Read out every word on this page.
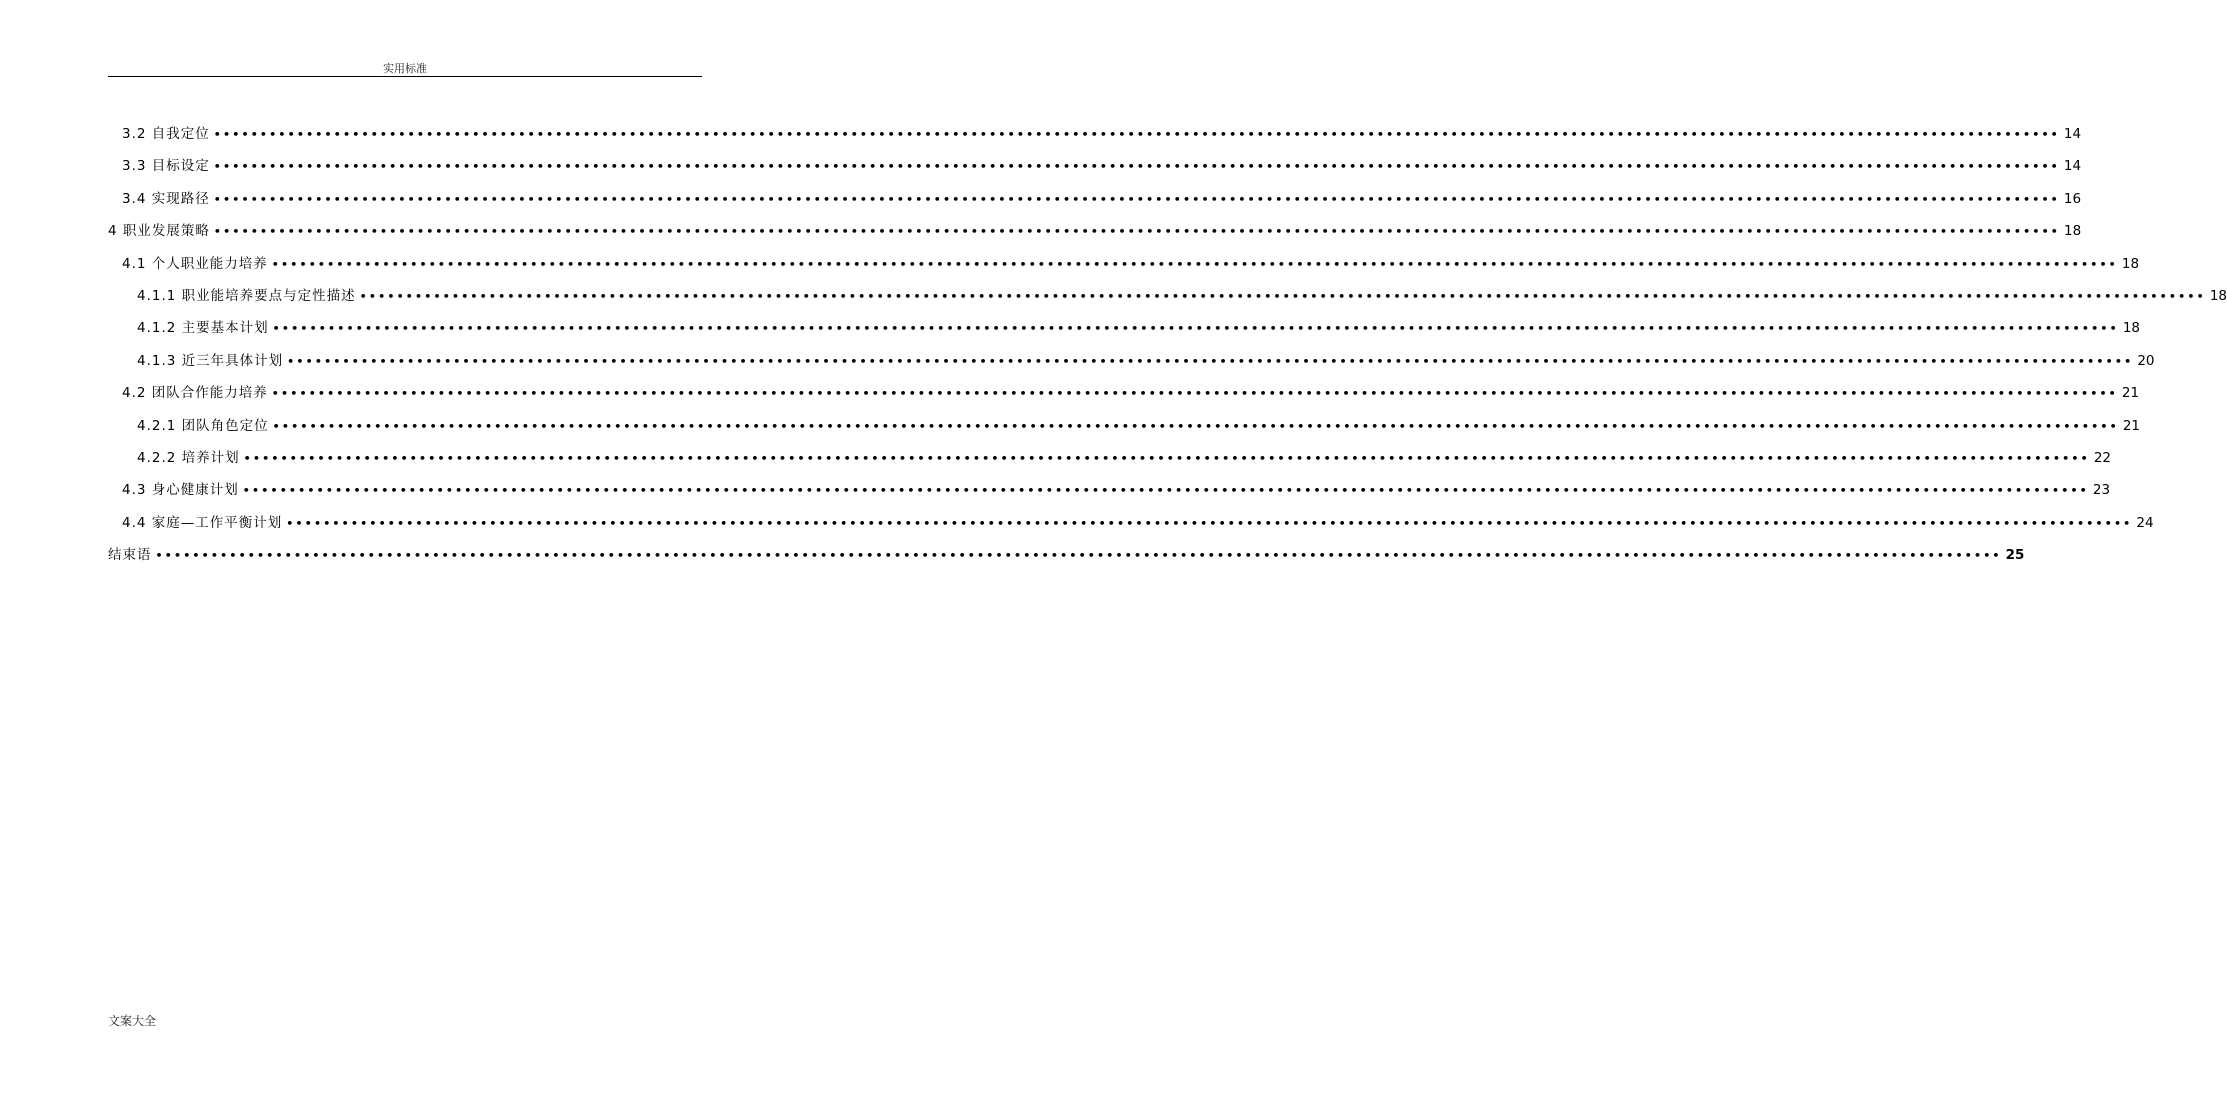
实用标准
3.2 自我定位 •••••••••••••••••••••••••••••••••••••••••••••••••••••••••••••••••••••••••••••••••••••••••••••••••••••••••••••••••••••••••••••••••••••••••••••••••••••••••••••••••••••••••••••••••••••••••••••••••••••••• 14
3.3 目标设定 •••••••••••••••••••••••••••••••••••••••••••••••••••••••••••••••••••••••••••••••••••••••••••••••••••••••••••••••••••••••••••••••••••••••••••••••••••••••••••••••••••••••••••••••••••••••••••••••••••••••• 14
3.4 实现路径 •••••••••••••••••••••••••••••••••••••••••••••••••••••••••••••••••••••••••••••••••••••••••••••••••••••••••••••••••••••••••••••••••••••••••••••••••••••••••••••••••••••••••••••••••••••••••••••••••••••••• 16
4 职业发展策略 •••••••••••••••••••••••••••••••••••••••••••••••••••••••••••••••••••••••••••••••••••••••••••••••••••••••••••••••••••••••••••••••••••••••••••••••••••••••••••••••••••••••••••••••••••••••••••••••••••••••• 18
4.1 个人职业能力培养 •••••••••••••••••••••••••••••••••••••••••••••••••••••••••••••••••••••••••••••••••••••••••••••••••••••••••••••••••••••••••••••••••••••••••••••••••••••••••••••••••••••••••••••••••••••••••••••••••••••••• 18
4.1.1 职业能培养要点与定性描述 •••••••••••••••••••••••••••••••••••••••••••••••••••••••••••••••••••••••••••••••••••••••••••••••••••••••••••••••••••••••••••••••••••••••••••••••••••••••••••••••••••••••••••••••••••••••••••••••••••••••• 18
4.1.2 主要基本计划 •••••••••••••••••••••••••••••••••••••••••••••••••••••••••••••••••••••••••••••••••••••••••••••••••••••••••••••••••••••••••••••••••••••••••••••••••••••••••••••••••••••••••••••••••••••••••••••••••••••••• 18
4.1.3 近三年具体计划 •••••••••••••••••••••••••••••••••••••••••••••••••••••••••••••••••••••••••••••••••••••••••••••••••••••••••••••••••••••••••••••••••••••••••••••••••••••••••••••••••••••••••••••••••••••••••••••••••••••••• 20
4.2 团队合作能力培养 •••••••••••••••••••••••••••••••••••••••••••••••••••••••••••••••••••••••••••••••••••••••••••••••••••••••••••••••••••••••••••••••••••••••••••••••••••••••••••••••••••••••••••••••••••••••••••••••••••••••• 21
4.2.1 团队角色定位 •••••••••••••••••••••••••••••••••••••••••••••••••••••••••••••••••••••••••••••••••••••••••••••••••••••••••••••••••••••••••••••••••••••••••••••••••••••••••••••••••••••••••••••••••••••••••••••••••••••••• 21
4.2.2 培养计划 •••••••••••••••••••••••••••••••••••••••••••••••••••••••••••••••••••••••••••••••••••••••••••••••••••••••••••••••••••••••••••••••••••••••••••••••••••••••••••••••••••••••••••••••••••••••••••••••••••••••• 22
4.3 身心健康计划 •••••••••••••••••••••••••••••••••••••••••••••••••••••••••••••••••••••••••••••••••••••••••••••••••••••••••••••••••••••••••••••••••••••••••••••••••••••••••••••••••••••••••••••••••••••••••••••••••••••••• 23
4.4 家庭—工作平衡计划 •••••••••••••••••••••••••••••••••••••••••••••••••••••••••••••••••••••••••••••••••••••••••••••••••••••••••••••••••••••••••••••••••••••••••••••••••••••••••••••••••••••••••••••••••••••••••••••••••••••••• 24
结束语 •••••••••••••••••••••••••••••••••••••••••••••••••••••••••••••••••••••••••••••••••••••••••••••••••••••••••••••••••••••••••••••••••••••••••••••••••••••••••••••••••••••••••••••••••••••••••••••••••••••••• 25
文案大全
